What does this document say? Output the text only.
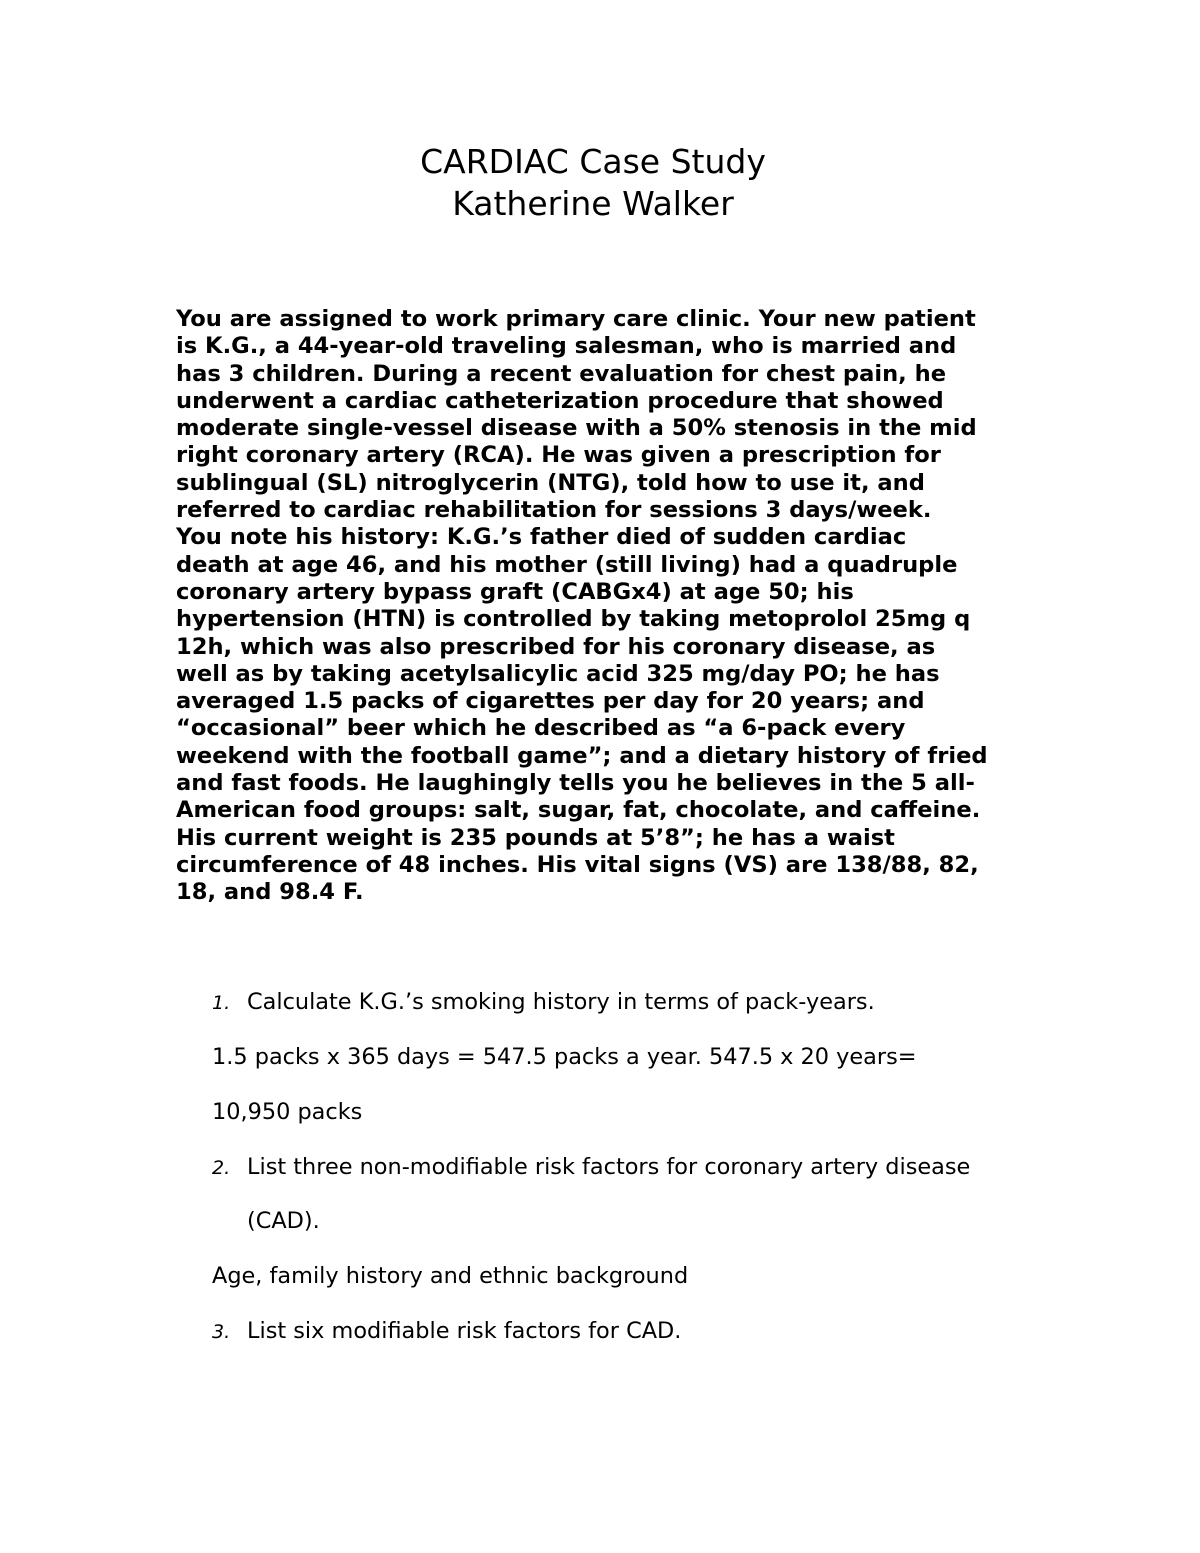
CARDIAC Case Study

Katherine Walker

You are assigned to work primary care clinic. Your new patient
is K.G., a 44-year-old traveling salesman, who is married and
has 3 children. During a recent evaluation for chest pain, he
underwent a cardiac catheterization procedure that showed
moderate single-vessel disease with a 50% stenosis in the mid
right coronary artery (RCA). He was given a prescription for
sublingual (SL) nitroglycerin (NTG), told how to use it, and
referred to cardiac rehabilitation for sessions 3 days/week.
You note his history: K.G.’s father died of sudden cardiac
death at age 46, and his mother (still living) had a quadruple
coronary artery bypass graft (CABGx4) at age 50; his
hypertension (HTN) is controlled by taking metoprolol 25mg q
12h, which was also prescribed for his coronary disease, as
well as by taking acetylsalicylic acid 325 mg/day PO; he has
averaged 1.5 packs of cigarettes per day for 20 years; and
“occasional” beer which he described as “a 6-pack every
weekend with the football game”; and a dietary history of fried
and fast foods. He laughingly tells you he believes in the 5 all-
American food groups: salt, sugar, fat, chocolate, and caffeine.
His current weight is 235 pounds at 5’8”; he has a waist
circumference of 48 inches. His vital signs (VS) are 138/88, 82,
18, and 98.4 F.

1. Calculate K.G.’s smoking history in terms of pack-years.
1.5 packs x 365 days = 547.5 packs a year. 547.5 x 20 years=
10,950 packs
2. List three non-modifiable risk factors for coronary artery disease
(CAD).
Age, family history and ethnic background
3. List six modifiable risk factors for CAD.
